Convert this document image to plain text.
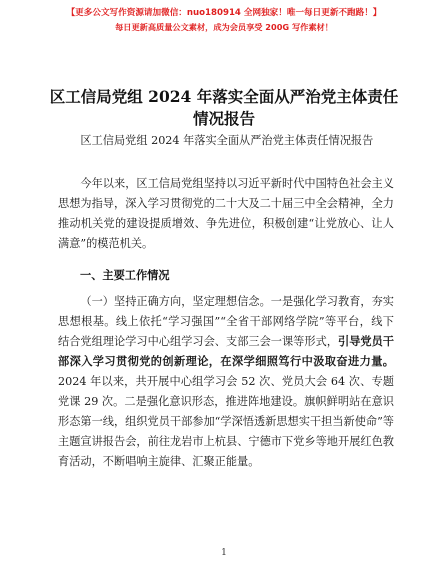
【更多公文写作资源请加微信：nuo180914 全网独家！唯一每日更新不跑路！】
每日更新高质量公文素材，成为会员享受 200G 写作素材！
区工信局党组 2024 年落实全面从严治党主体责任情况报告
区工信局党组 2024 年落实全面从严治党主体责任情况报告
今年以来，区工信局党组坚持以习近平新时代中国特色社会主义思想为指导，深入学习贯彻党的二十大及二十届三中全会精神，全力推动机关党的建设提质增效、争先进位，积极创建“让党放心、让人满意”的模范机关。
一、主要工作情况
（一）坚持正确方向，坚定理想信念。一是强化学习教育，夯实思想根基。线上依托“学习强国”“全省干部网络学院”等平台，线下结合党组理论学习中心组学习会、支部三会一课等形式，引导党员干部深入学习贯彻党的创新理论，在深学细照笃行中汲取奋进力量。2024 年以来，共开展中心组学习会 52 次、党员大会 64 次、专题党课 29 次。二是强化意识形态，推进阵地建设。旗帜鲜明站在意识形态第一线，组织党员干部参加“学深悟透新思想实干担当新使命”等主题宣讲报告会，前往龙岩市上杭县、宁德市下党乡等地开展红色教育活动，不断唱响主旋律、汇聚正能量。
1
